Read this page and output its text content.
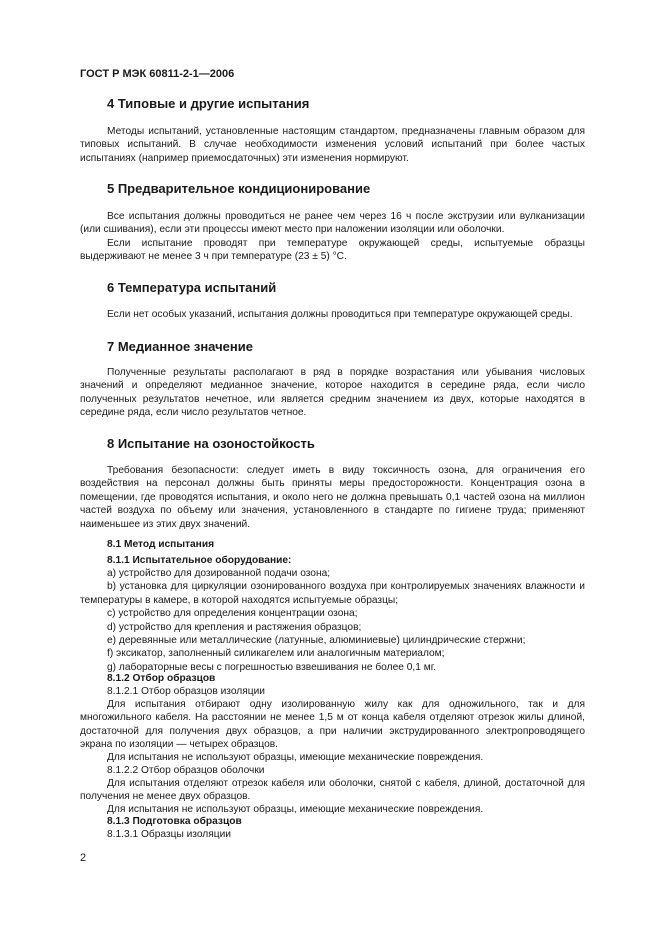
ГОСТ Р МЭК 60811-2-1—2006
4 Типовые и другие испытания
Методы испытаний, установленные настоящим стандартом, предназначены главным образом для типовых испытаний. В случае необходимости изменения условий испытаний при более частых испытаниях (например приемосдаточных) эти изменения нормируют.
5 Предварительное кондиционирование
Все испытания должны проводиться не ранее чем через 16 ч после экструзии или вулканизации (или сшивания), если эти процессы имеют место при наложении изоляции или оболочки.
Если испытание проводят при температуре окружающей среды, испытуемые образцы выдерживают не менее 3 ч при температуре (23 ± 5) °C.
6 Температура испытаний
Если нет особых указаний, испытания должны проводиться при температуре окружающей среды.
7 Медианное значение
Полученные результаты располагают в ряд в порядке возрастания или убывания числовых значений и определяют медианное значение, которое находится в середине ряда, если число полученных результатов нечетное, или является средним значением из двух, которые находятся в середине ряда, если число результатов четное.
8 Испытание на озоностойкость
Требования безопасности: следует иметь в виду токсичность озона, для ограничения его воздействия на персонал должны быть приняты меры предосторожности. Концентрация озона в помещении, где проводятся испытания, и около него не должна превышать 0,1 частей озона на миллион частей воздуха по объему или значения, установленного в стандарте по гигиене труда; применяют наименьшее из этих двух значений.
8.1 Метод испытания
8.1.1 Испытательное оборудование:
а) устройство для дозированной подачи озона;
b) установка для циркуляции озонированного воздуха при контролируемых значениях влажности и температуры в камере, в которой находятся испытуемые образцы;
c) устройство для определения концентрации озона;
d) устройство для крепления и растяжения образцов;
e) деревянные или металлические (латунные, алюминиевые) цилиндрические стержни;
f) эксикатор, заполненный силикагелем или аналогичным материалом;
g) лабораторные весы с погрешностью взвешивания не более 0,1 мг.
8.1.2 Отбор образцов
8.1.2.1 Отбор образцов изоляции
Для испытания отбирают одну изолированную жилу как для одножильного, так и для многожильного кабеля. На расстоянии не менее 1,5 м от конца кабеля отделяют отрезок жилы длиной, достаточной для получения двух образцов, а при наличии экструдированного электропроводящего экрана по изоляции — четырех образцов.
Для испытания не используют образцы, имеющие механические повреждения.
8.1.2.2 Отбор образцов оболочки
Для испытания отделяют отрезок кабеля или оболочки, снятой с кабеля, длиной, достаточной для получения не менее двух образцов.
Для испытания не используют образцы, имеющие механические повреждения.
8.1.3 Подготовка образцов
8.1.3.1 Образцы изоляции
2
